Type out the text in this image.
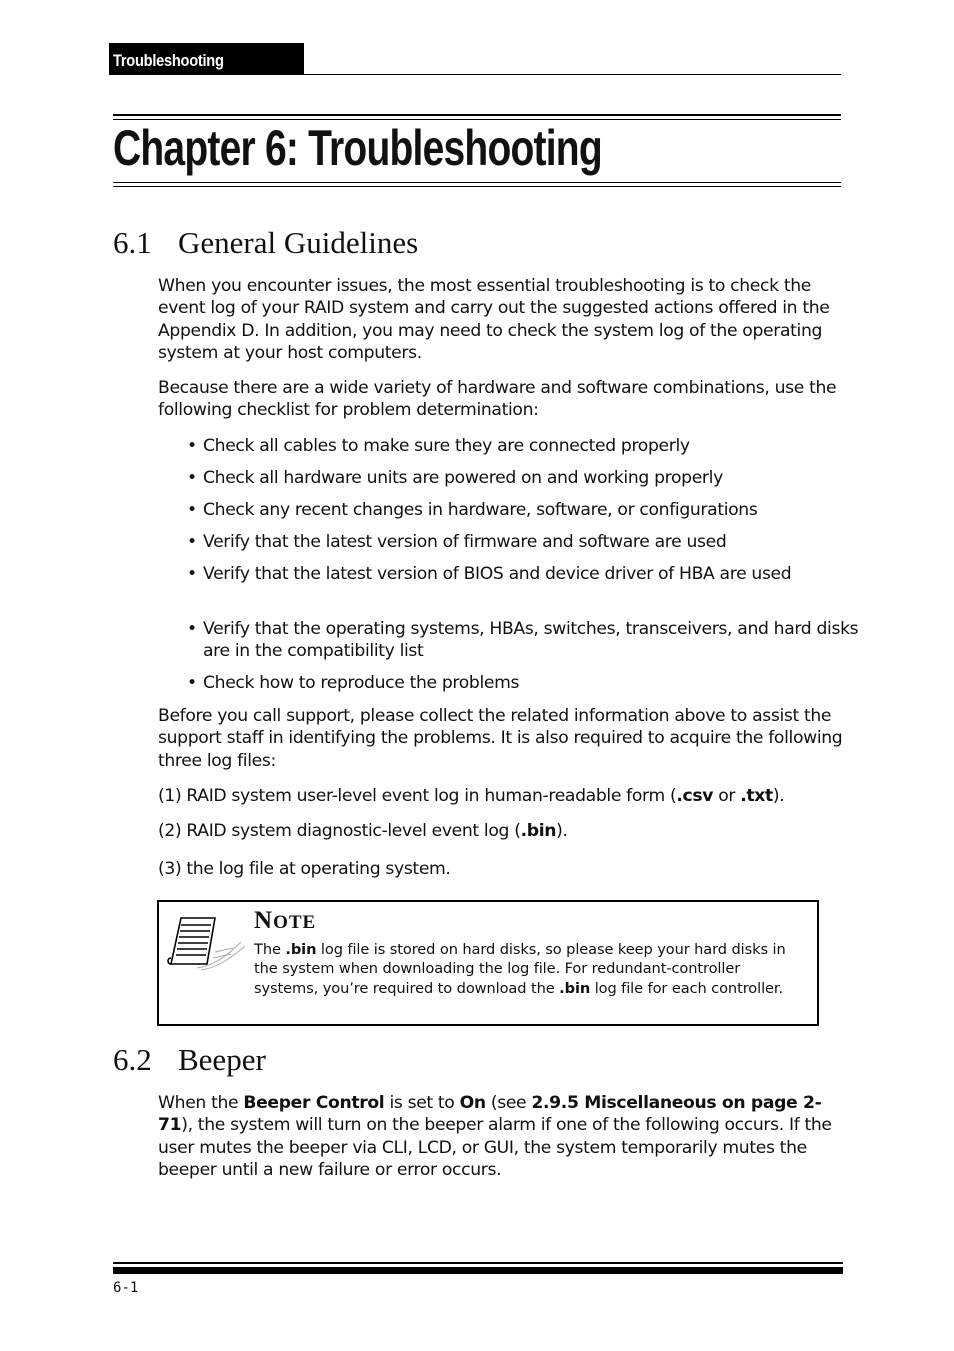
Troubleshooting
Chapter 6: Troubleshooting
6.1 General Guidelines

When you encounter issues, the most essential troubleshooting is to check the event log of your RAID system and carry out the suggested actions offered in the Appendix D. In addition, you may need to check the system log of the operating system at your host computers.

Because there are a wide variety of hardware and software combinations, use the following checklist for problem determination:

• Check all cables to make sure they are connected properly

• Check all hardware units are powered on and working properly

• Check any recent changes in hardware, software, or configurations

• Verify that the latest version of firmware and software are used

• Verify that the latest version of BIOS and device driver of HBA are used

• Verify that the operating systems, HBAs, switches, transceivers, and hard disks are in the compatibility list

• Check how to reproduce the problems

Before you call support, please collect the related information above to assist the support staff in identifying the problems. It is also required to acquire the following three log files:

(1) RAID system user-level event log in human-readable form (.csv or .txt).

(2) RAID system diagnostic-level event log (.bin).

(3) the log file at operating system.

NOTE

The .bin log file is stored on hard disks, so please keep your hard disks in the system when downloading the log file. For redundant-controller systems, you’re required to download the .bin log file for each controller.

6.2 Beeper

When the Beeper Control is set to On (see 2.9.5 Miscellaneous on page 2-71), the system will turn on the beeper alarm if one of the following occurs. If the user mutes the beeper via CLI, LCD, or GUI, the system temporarily mutes the beeper until a new failure or error occurs.

6-1
